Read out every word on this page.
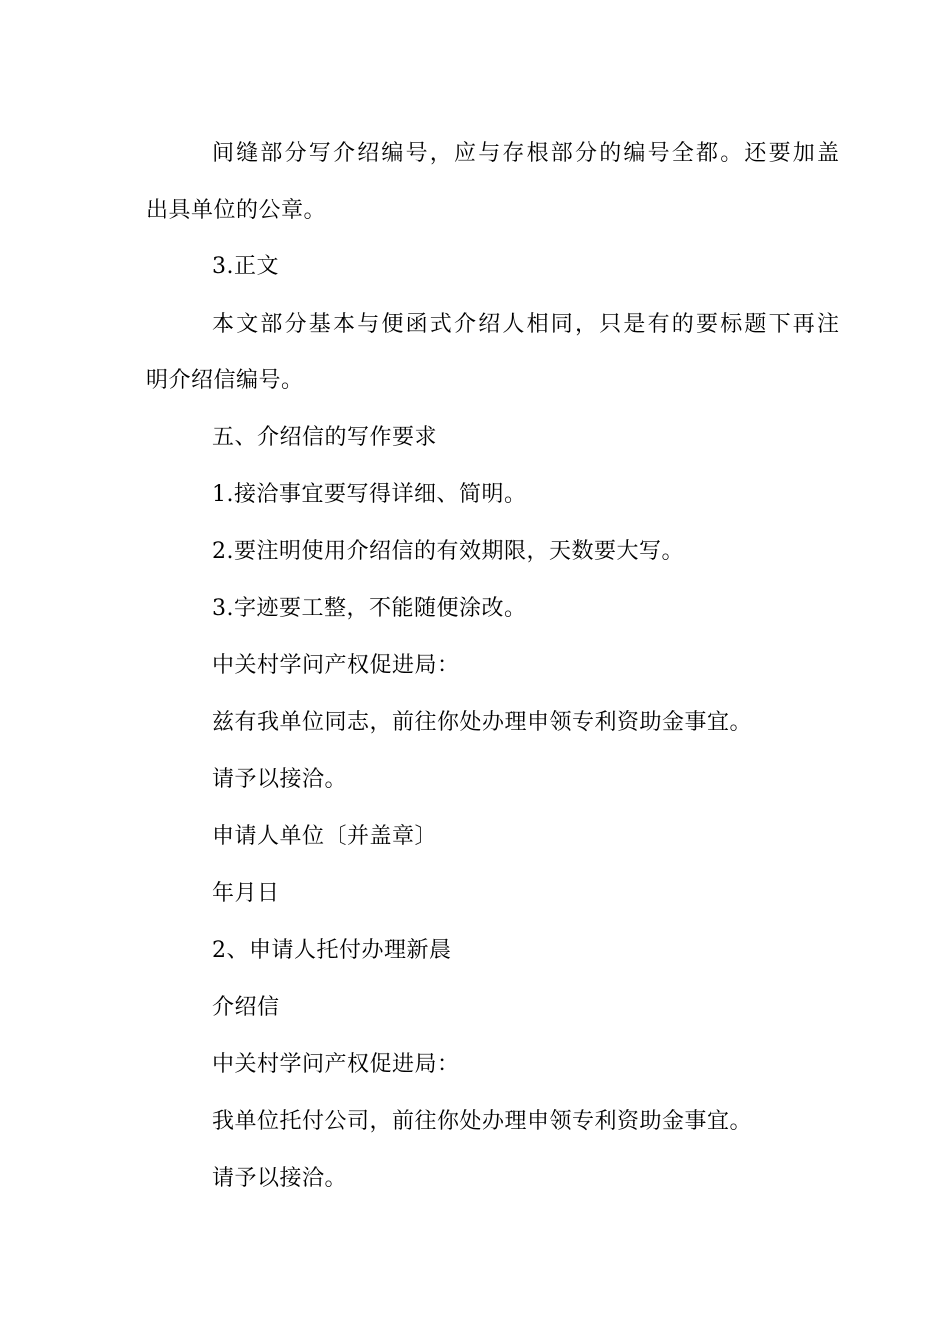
间缝部分写介绍编号，应与存根部分的编号全都。还要加盖

出具单位的公章。

3.正文

本文部分基本与便函式介绍人相同，只是有的要标题下再注

明介绍信编号。

五、介绍信的写作要求

1.接洽事宜要写得详细、简明。

2.要注明使用介绍信的有效期限，天数要大写。

3.字迹要工整，不能随便涂改。

中关村学问产权促进局：

兹有我单位同志，前往你处办理申领专利资助金事宜。

请予以接洽。

申请人单位〔并盖章〕

年月日

2、申请人托付办理新晨

介绍信

中关村学问产权促进局：

我单位托付公司，前往你处办理申领专利资助金事宜。

请予以接洽。
